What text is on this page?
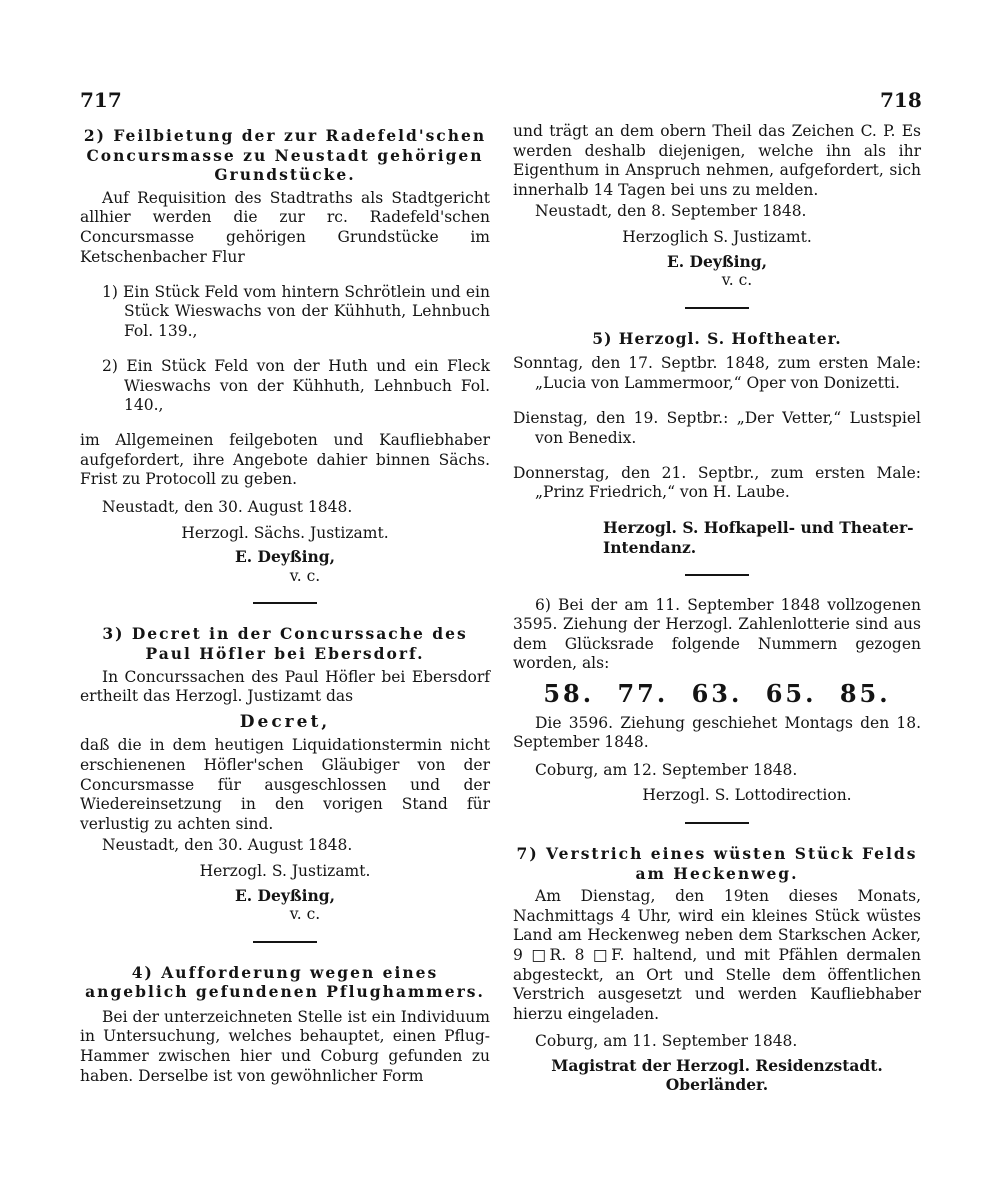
717	718

2) Feilbietung der zur Radefeld'schen Concursmasse zu Neustadt gehörigen Grundstücke.

Auf Requisition des Stadtraths als Stadtgericht allhier werden die zur rc. Radefeld'schen Concursmasse gehörigen Grundstücke im Ketschenbacher Flur

1) Ein Stück Feld vom hintern Schrötlein und ein Stück Wieswachs von der Kühhuth, Lehnbuch Fol. 139.,

2) Ein Stück Feld von der Huth und ein Fleck Wieswachs von der Kühhuth, Lehnbuch Fol. 140.,

im Allgemeinen feilgeboten und Kaufliebhaber aufgefordert, ihre Angebote dahier binnen Sächs. Frist zu Protocoll zu geben.

Neustadt, den 30. August 1848.

Herzogl. Sächs. Justizamt.

E. Deyßing,

v. c.

3) Decret in der Concurssache des Paul Höfler bei Ebersdorf.

In Concurssachen des Paul Höfler bei Ebersdorf ertheilt das Herzogl. Justizamt das

Decret,

daß die in dem heutigen Liquidationstermin nicht erschienenen Höfler'schen Gläubiger von der Concursmasse für ausgeschlossen und der Wiedereinsetzung in den vorigen Stand für verlustig zu achten sind.

Neustadt, den 30. August 1848.

Herzogl. S. Justizamt.

E. Deyßing,

v. c.

4) Aufforderung wegen eines angeblich gefundenen Pflughammers.

Bei der unterzeichneten Stelle ist ein Individuum in Untersuchung, welches behauptet, einen Pflug-Hammer zwischen hier und Coburg gefunden zu haben. Derselbe ist von gewöhnlicher Form

und trägt an dem obern Theil das Zeichen C. P. Es werden deshalb diejenigen, welche ihn als ihr Eigenthum in Anspruch nehmen, aufgefordert, sich innerhalb 14 Tagen bei uns zu melden.

Neustadt, den 8. September 1848.

Herzoglich S. Justizamt.

E. Deyßing,

v. c.

5) Herzogl. S. Hoftheater.

Sonntag, den 17. Septbr. 1848, zum ersten Male: „Lucia von Lammermoor,“ Oper von Donizetti.

Dienstag, den 19. Septbr.: „Der Vetter,“ Lustspiel von Benedix.

Donnerstag, den 21. Septbr., zum ersten Male: „Prinz Friedrich,“ von H. Laube.

Herzogl. S. Hofkapell- und Theater-Intendanz.

6) Bei der am 11. September 1848 vollzogenen 3595. Ziehung der Herzogl. Zahlenlotterie sind aus dem Glücksrade folgende Nummern gezogen worden, als:

58. 77. 63. 65. 85.

Die 3596. Ziehung geschiehet Montags den 18. September 1848.

Coburg, am 12. September 1848.

Herzogl. S. Lottodirection.

7) Verstrich eines wüsten Stück Felds am Heckenweg.

Am Dienstag, den 19ten dieses Monats, Nachmittags 4 Uhr, wird ein kleines Stück wüstes Land am Heckenweg neben dem Starkschen Acker, 9 □R. 8 □F. haltend, und mit Pfählen dermalen abgesteckt, an Ort und Stelle dem öffentlichen Verstrich ausgesetzt und werden Kaufliebhaber hierzu eingeladen.

Coburg, am 11. September 1848.

Magistrat der Herzogl. Residenzstadt.

Oberländer.
